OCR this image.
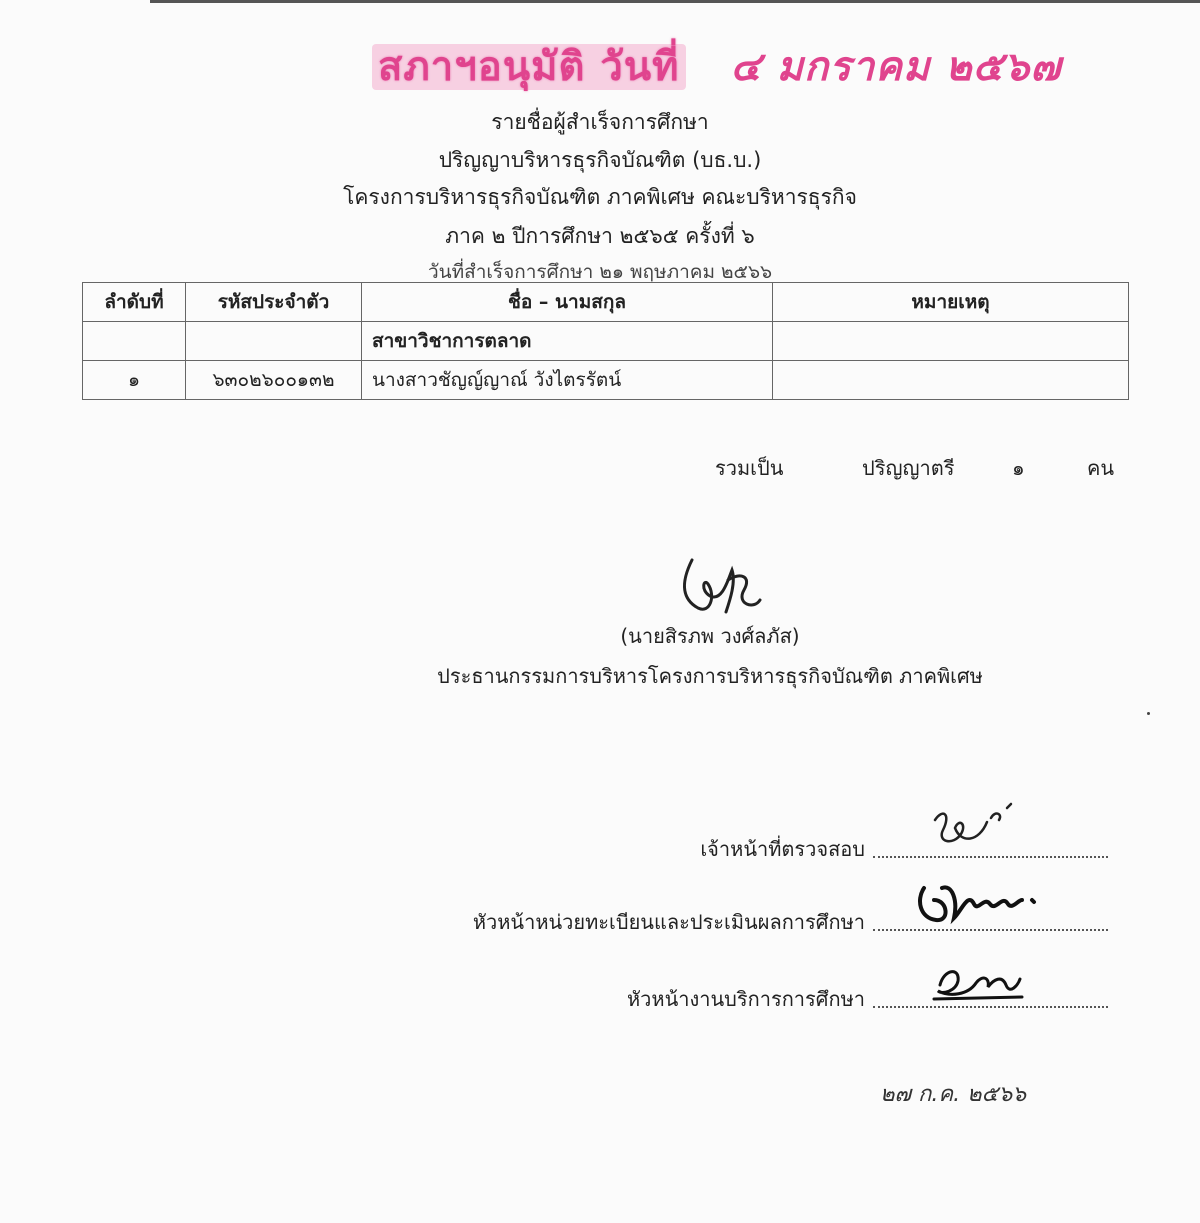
สภาฯอนุมัติ วันที่ ๔ มกราคม ๒๕๖๗
รายชื่อผู้สำเร็จการศึกษา
ปริญญาบริหารธุรกิจบัณฑิต (บธ.บ.)
โครงการบริหารธุรกิจบัณฑิต ภาคพิเศษ คณะบริหารธุรกิจ
ภาค ๒ ปีการศึกษา ๒๕๖๕ ครั้งที่ ๖
วันที่สำเร็จการศึกษา ๒๑ พฤษภาคม ๒๕๖๖
ลำดับที่	รหัสประจำตัว	ชื่อ – นามสกุล	หมายเหตุ
		สาขาวิชาการตลาด	
๑	๖๓๐๒๖๐๐๑๓๒	นางสาวชัญญ์ญาณ์ วังไตรรัตน์	
รวมเป็น	ปริญญาตรี	๑	คน
(นายสิรภพ วงศ์ลภัส)
ประธานกรรมการบริหารโครงการบริหารธุรกิจบัณฑิต ภาคพิเศษ
เจ้าหน้าที่ตรวจสอบ
หัวหน้าหน่วยทะเบียนและประเมินผลการศึกษา
หัวหน้างานบริการการศึกษา
๒๗ ก.ค. ๒๕๖๖
